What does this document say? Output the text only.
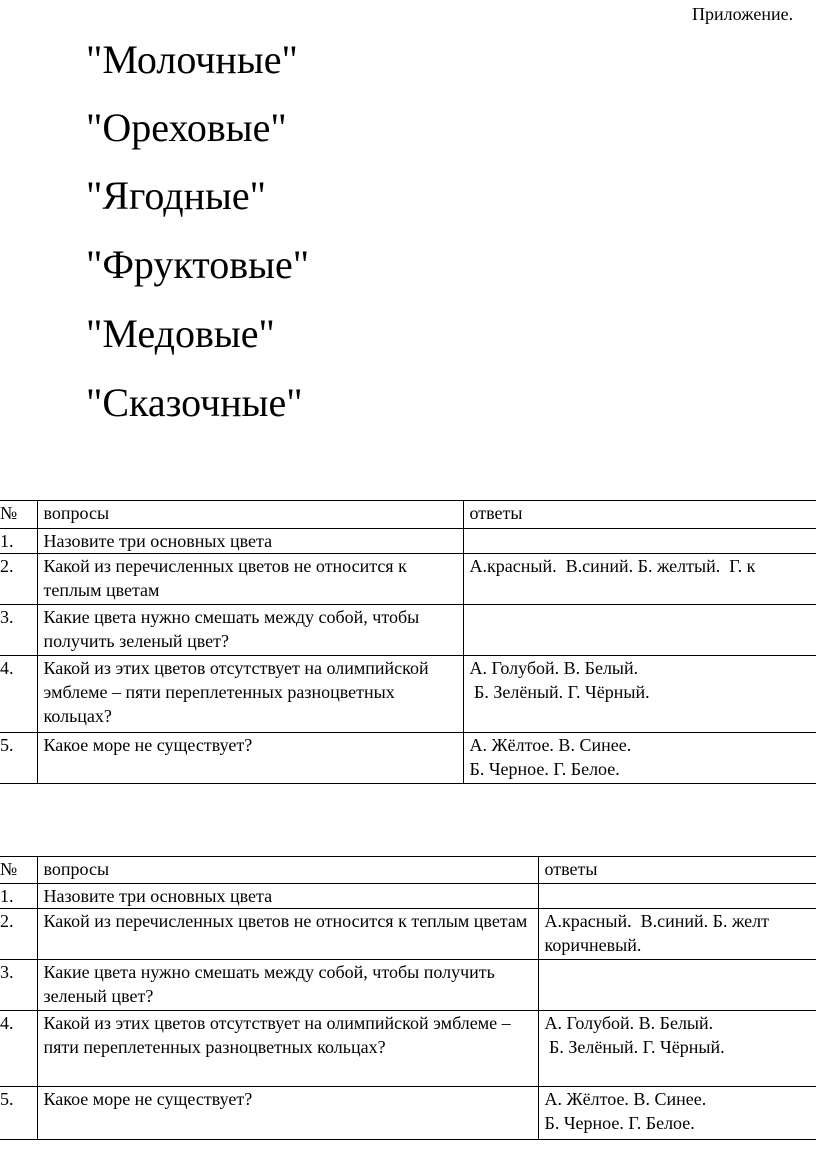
Приложение.
"Молочные"
"Ореховые"
"Ягодные"
"Фруктовые"
"Медовые"
"Сказочные"
№	вопросы	ответы
1.	Назовите три основных цвета	
2.	Какой из перечисленных цветов не относится к теплым цветам	А.красный.  В.синий. Б. желтый.  Г. к
3.	Какие цвета нужно смешать между собой, чтобы получить зеленый цвет?	
4.	Какой из этих цветов отсутствует на олимпийской эмблеме – пяти переплетенных разноцветных кольцах?	А. Голубой. В. Белый.
Б. Зелёный. Г. Чёрный.
5.	Какое море не существует?	А. Жёлтое. В. Синее.
Б. Черное. Г. Белое.
№	вопросы	ответы
1.	Назовите три основных цвета	
2.	Какой из перечисленных цветов не относится к теплым цветам	А.красный.  В.синий. Б. желт
коричневый.
3.	Какие цвета нужно смешать между собой, чтобы получить зеленый цвет?	
4.	Какой из этих цветов отсутствует на олимпийской эмблеме – пяти переплетенных разноцветных кольцах?	А. Голубой. В. Белый.
Б. Зелёный. Г. Чёрный.
5.	Какое море не существует?	А. Жёлтое. В. Синее.
Б. Черное. Г. Белое.
